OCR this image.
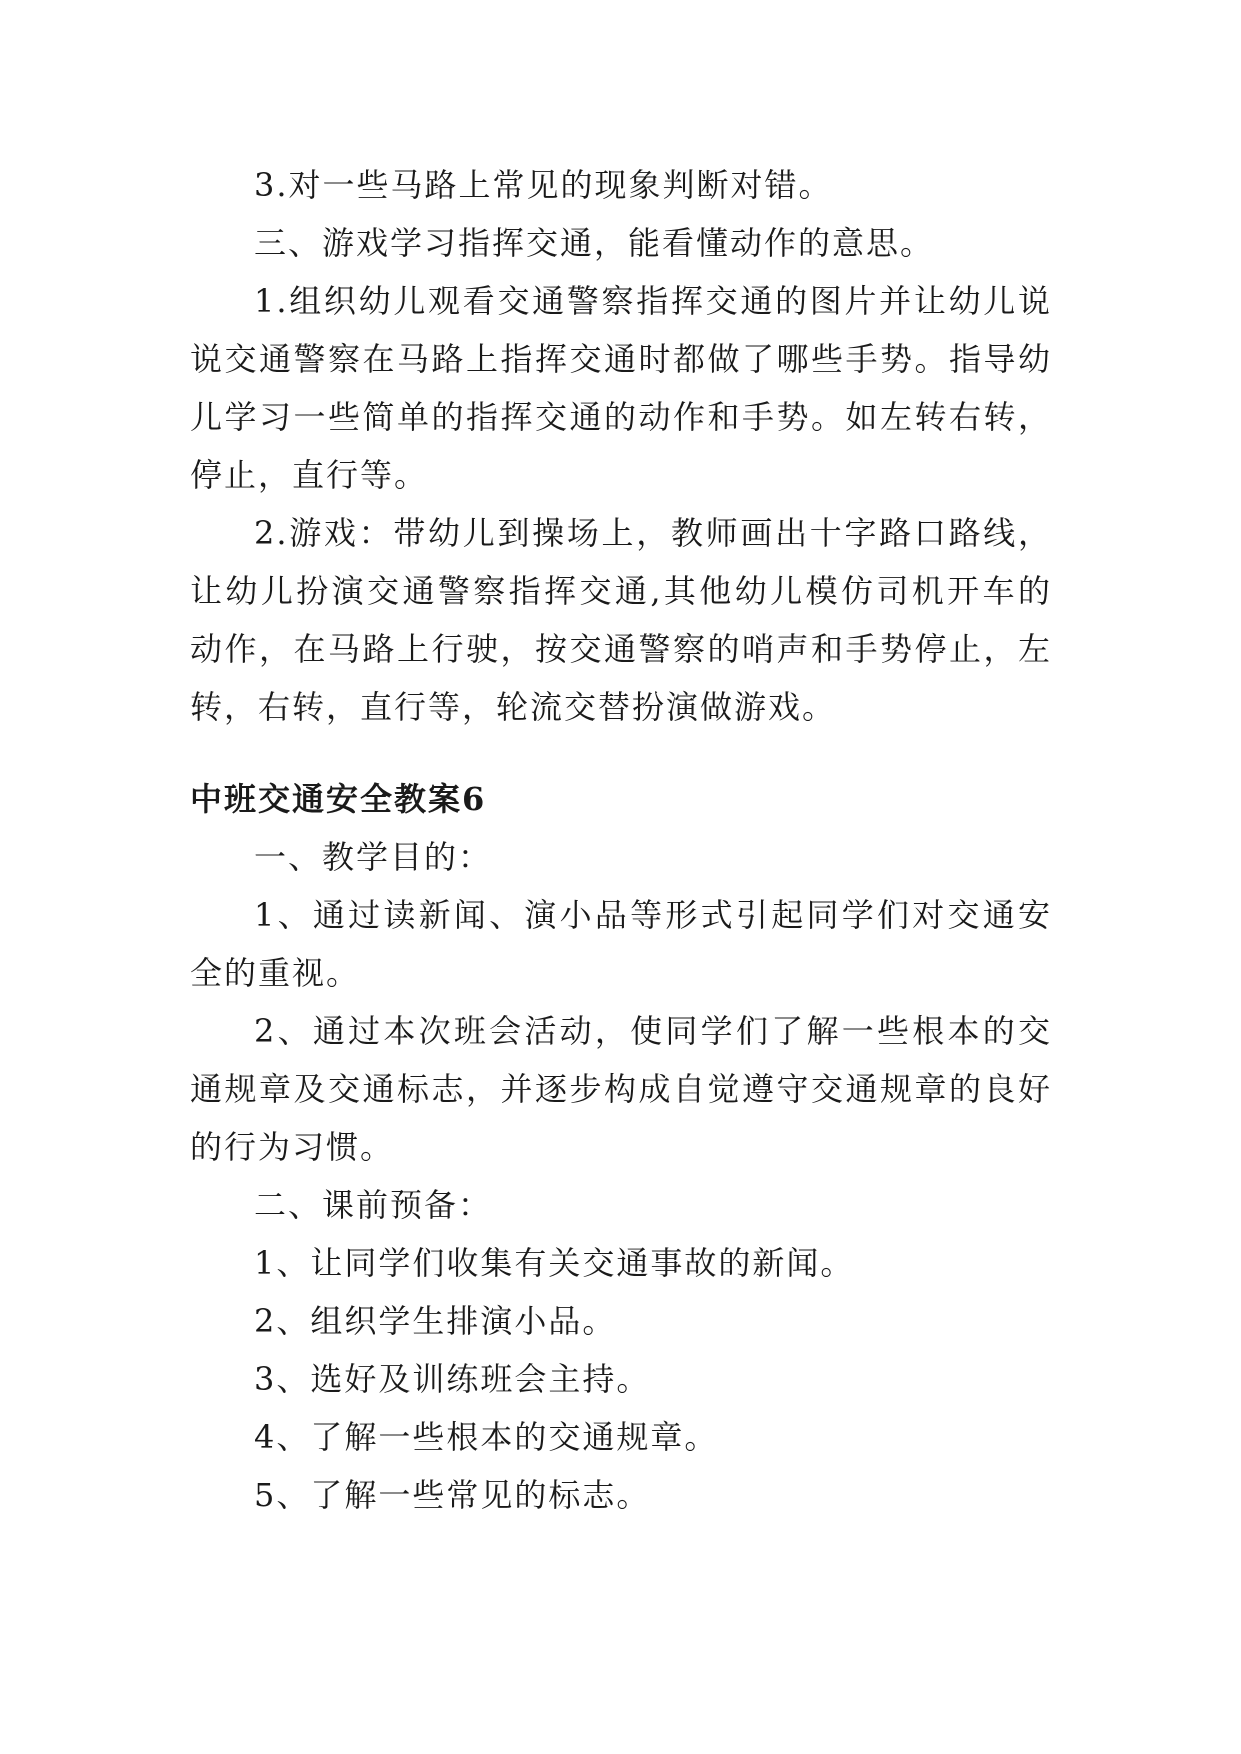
3.对一些马路上常见的现象判断对错。

三、游戏学习指挥交通，能看懂动作的意思。

1.组织幼儿观看交通警察指挥交通的图片并让幼儿说说交通警察在马路上指挥交通时都做了哪些手势。指导幼儿学习一些简单的指挥交通的动作和手势。如左转右转，停止，直行等。

2.游戏：带幼儿到操场上，教师画出十字路口路线，让幼儿扮演交通警察指挥交通,其他幼儿模仿司机开车的动作，在马路上行驶，按交通警察的哨声和手势停止，左转，右转，直行等，轮流交替扮演做游戏。

中班交通安全教案6

一、教学目的：

1、通过读新闻、演小品等形式引起同学们对交通安全的重视。

2、通过本次班会活动，使同学们了解一些根本的交通规章及交通标志，并逐步构成自觉遵守交通规章的良好的行为习惯。

二、课前预备：

1、让同学们收集有关交通事故的新闻。

2、组织学生排演小品。

3、选好及训练班会主持。

4、了解一些根本的交通规章。

5、了解一些常见的标志。
